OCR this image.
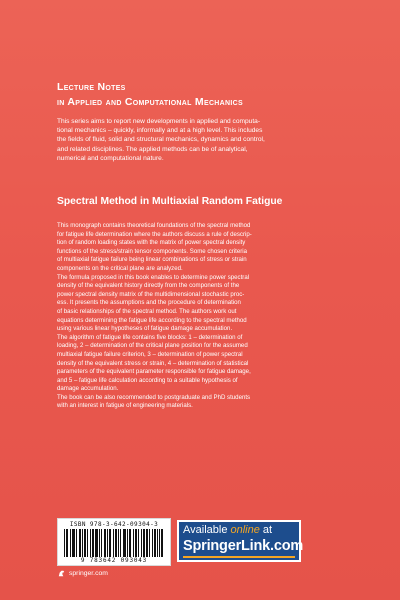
Lecture Notes
in Applied and Computational Mechanics
This series aims to report new developments in applied and computa-
tional mechanics – quickly, informally and at a high level. This includes
the fields of fluid, solid and structural mechanics, dynamics and control,
and related disciplines. The applied methods can be of analytical,
numerical and computational nature.
Spectral Method in Multiaxial Random Fatigue
This monograph contains theoretical foundations of the spectral method
for fatigue life determination where the authors discuss a rule of descrip-
tion of random loading states with the matrix of power spectral density
functions of the stress/strain tensor components. Some chosen criteria
of multiaxial fatigue failure being linear combinations of stress or strain
components on the critical plane are analyzed.
The formula proposed in this book enables to determine power spectral
density of the equivalent history directly from the components of the
power spectral density matrix of the multidimensional stochastic proc-
ess. It presents the assumptions and the procedure of determination
of basic relationships of the spectral method. The authors work out
equations determining the fatigue life according to the spectral method
using various linear hypotheses of fatigue damage accumulation.
The algorithm of fatigue life contains five blocks: 1 – determination of
loading, 2 – determination of the critical plane position for the assumed
multiaxial fatigue failure criterion, 3 – determination of power spectral
density of the equivalent stress or strain, 4 – determination of statistical
parameters of the equivalent parameter responsible for fatigue damage,
and 5 – fatigue life calculation according to a suitable hypothesis of
damage accumulation.
The book can be also recommended to postgraduate and PhD students
with an interest in fatigue of engineering materials.
ISBN 978-3-642-09304-3
9 783642 093043
springer.com
Available online at
SpringerLink.com
